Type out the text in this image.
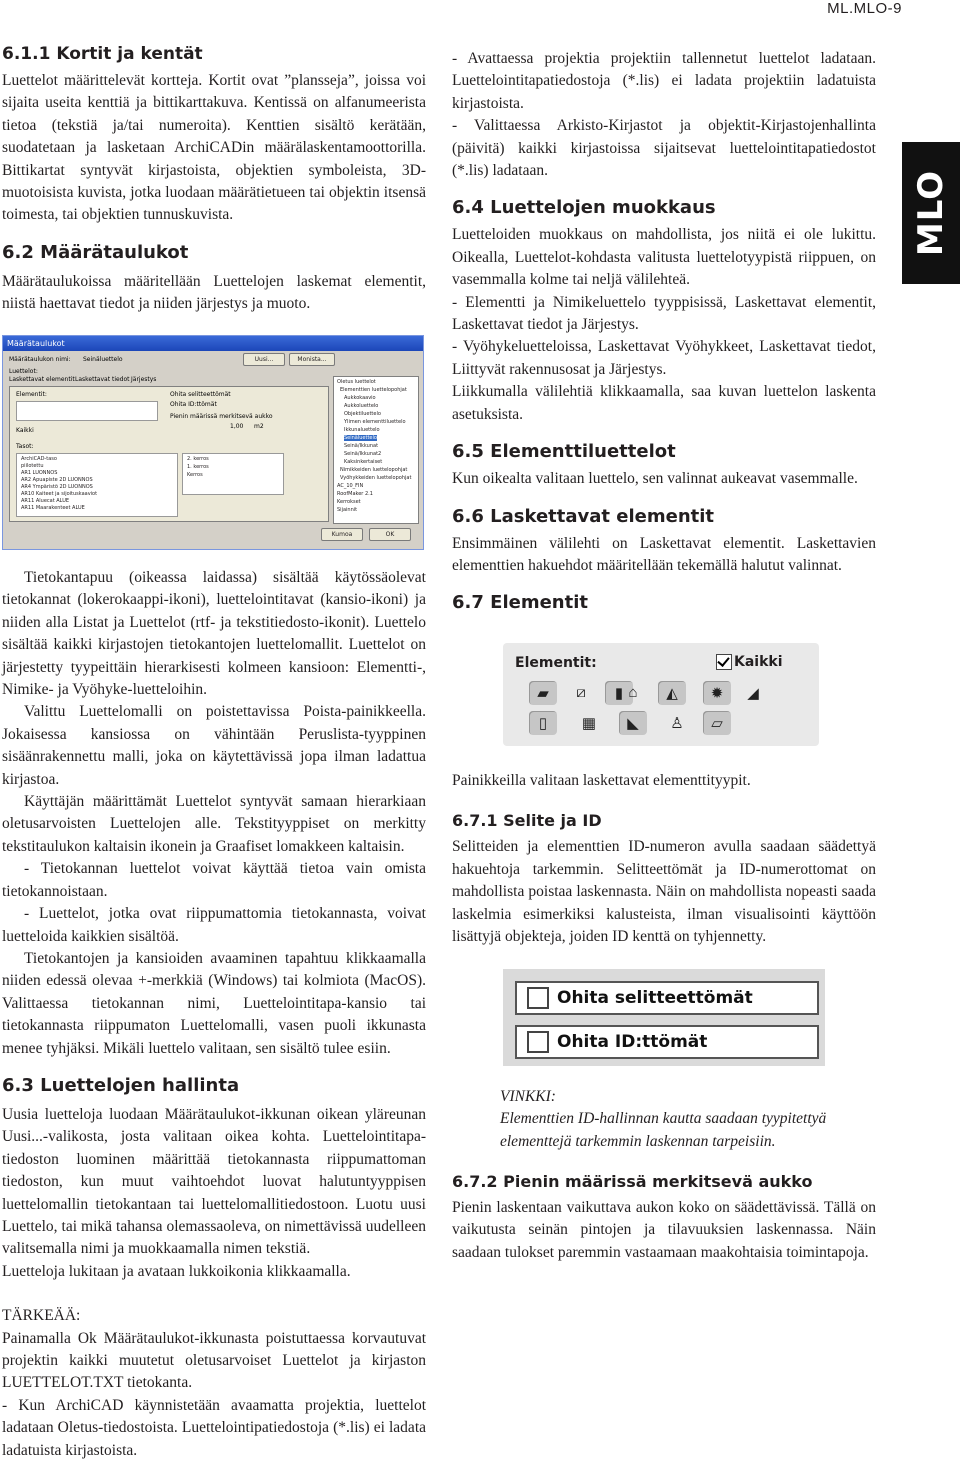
ML.MLO-9
MLO
6.1.1 Kortit ja kentät

Luettelot määrittelevät kortteja. Kortit ovat ”plansseja”, joissa voi sijaita useita kenttiä ja bittikarttakuva. Kentissä on alfanumeerista tietoa (tekstiä ja/tai numeroita). Kenttien sisältö kerätään, suodatetaan ja lasketaan ArchiCADin määrälaskentamoottorilla. Bittikartat syntyvät kirjastoista, objektien symboleista, 3D-muotoisista kuvista, jotka luodaan määrätietueen tai objektin itsensä toimesta, tai objektien tunnuskuvista.

6.2 Määrätaulukot

Määrätaulukoissa määritellään Luettelojen laskemat elementit, niistä haettavat tiedot ja niiden järjestys ja muoto.

Määrätaulukot
Määrätaulukon nimi: Seinäluettelo	Uusi...	Monista...
Luettelot:
Laskettavat elementit Laskettavat tiedot Järjestys
Elementit:
Kaikki
Tasot:
ArchiCAD-taso
piilotettu
AR1 LUONNOS
AR2 Apuapiste 2D LUONNOS
AR4 Ympäristö 2D LUONNOS
AR10 Kaiteet ja sijoituskaaviot
AR11 Aluecat ALUE
AR11 Maarakenteet ALUE
Ohita selitteettömät
Ohita ID:ttömät
Pienin määrissä merkitsevä aukko
1,00 m2
2. kerros
1. kerros
Kerros
Oletus luettelot
Elementtien luettelopohjat
Aukkokaavio
Aukkoluettelo
Objektiluettelo
Ylimen elementtiluettelo
Ikkunaluettelo
Seinäluettelo
Seinä/Ikkunat
Seinä/Ikkunat2
Kaksinkertaiset
Nimikkeiden luettelopohjat
Vyöhykkeiden luettelopohjat
AC_10_FIN
RoofMaker 2.1
Kerrokset
Sijainnit
Kumoa	OK

Tietokantapuu (oikeassa laidassa) sisältää käytössäolevat tietokannat (lokerokaappi-ikoni), luettelointitavat (kansio-ikoni) ja niiden alla Listat ja Luettelot (rtf- ja tekstitiedosto-ikonit). Luettelo sisältää kaikki kirjastojen tietokantojen luettelomallit. Luettelot on järjestetty tyypeittäin hierarkisesti kolmeen kansioon: Elementti-, Nimike- ja Vyöhyke-luetteloihin.

Valittu Luettelomalli on poistettavissa Poista-painikkeella. Jokaisessa kansiossa on vähintään Peruslista-tyyppinen sisäänrakennettu malli, joka on käytettävissä jopa ilman ladattua kirjastoa.

Käyttäjän määrittämät Luettelot syntyvät samaan hierarkiaan oletusarvoisten Luettelojen alle. Tekstityyppiset on merkitty tekstitaulukon kaltaisin ikonein ja Graafiset lomakkeen kaltaisin.

- Tietokannan luettelot voivat käyttää tietoa vain omista tietokannoistaan.

- Luettelot, jotka ovat riippumattomia tietokannasta, voivat luetteloida kaikkien sisältöä.

Tietokantojen ja kansioiden avaaminen tapahtuu klikkaamalla niiden edessä olevaa +-merkkiä (Windows) tai kolmiota (MacOS). Valittaessa tietokannan nimi, Luettelointitapa-kansio tai tietokannasta riippumaton Luettelomalli, vasen puoli ikkunasta menee tyhjäksi. Mikäli luettelo valitaan, sen sisältö tulee esiin.

6.3 Luettelojen hallinta

Uusia luetteloja luodaan Määrätaulukot-ikkunan oikean yläreunan Uusi...-valikosta, josta valitaan oikea kohta. Luettelointitapa-tiedoston luominen määrittää tietokannasta riippumattoman tiedoston, kun muut vaihtoehdot luovat halutuntyyppisen luettelomallin tietokantaan tai luettelomallitiedostoon. Luotu uusi Luettelo, tai mikä tahansa olemassaoleva, on nimettävissä uudelleen valitsemalla nimi ja muokkaamalla nimen tekstiä.

Luetteloja lukitaan ja avataan lukkoikonia klikkaamalla.

TÄRKEÄÄ:

Painamalla Ok Määrätaulukot-ikkunasta poistuttaessa korvautuvat projektin kaikki muutetut oletusarvoiset Luettelot ja kirjaston LUETTELOT.TXT tietokanta.

- Kun ArchiCAD käynnistetään avaamatta projektia, luettelot ladataan Oletus-tiedostoista. Luettelointipatiedostoja (*.lis) ei ladata ladatuista kirjastoista.

- Avattaessa projektia projektiin tallennetut luettelot ladataan. Luettelointitapatiedostoja (*.lis) ei ladata projektiin ladatuista kirjastoista.

- Valittaessa Arkisto-Kirjastot ja objektit-Kirjastojenhallinta (päivitä) kaikki kirjastoissa sijaitsevat luettelointitapatiedostot (*.lis) ladataan.

6.4 Luettelojen muokkaus

Luetteloiden muokkaus on mahdollista, jos niitä ei ole lukittu. Oikealla, Luettelot-kohdasta valitusta luettelotyypistä riippuen, on vasemmalla kolme tai neljä välilehteä.

- Elementti ja Nimikeluettelo tyyppisissä, Laskettavat elementit, Laskettavat tiedot ja Järjestys.

- Vyöhykeluetteloissa, Laskettavat Vyöhykkeet, Laskettavat tiedot, Liittyvät rakennusosat ja Järjestys.

Liikkumalla välilehtiä klikkaamalla, saa kuvan luettelon laskenta asetuksista.

6.5 Elementtiluettelot

Kun oikealta valitaan luettelo, sen valinnat aukeavat vasemmalle.

6.6 Laskettavat elementit

Ensimmäinen välilehti on Laskettavat elementit. Laskettavien elementtien hakuehdot määritellään tekemällä halutut valinnat.

6.7 Elementit
Elementit:	Kaikki
▰	⧄	▮ ⌂	◭	✹	◢
▯	▦	◣	♙	▱

Painikkeilla valitaan laskettavat elementtityypit.

6.7.1 Selite ja ID

Selitteiden ja elementtien ID-numeron avulla saadaan säädettyä hakuehtoja tarkemmin. Selitteettömät ja ID-numerottomat on mahdollista poistaa laskennasta. Näin on mahdollista nopeasti saada laskelmia esimerkiksi kalusteista, ilman visualisointi käyttöön lisättyjä objekteja, joiden ID kenttä on tyhjennetty.

Ohita selitteettömät
Ohita ID:ttömät

VINKKI:

Elementtien ID-hallinnan kautta saadaan tyypitettyä elementtejä tarkemmin laskennan tarpeisiin.

6.7.2 Pienin määrissä merkitsevä aukko

Pienin laskentaan vaikuttava aukon koko on säädettävissä. Tällä on vaikutusta seinän pintojen ja tilavuuksien laskennassa. Näin saadaan tulokset paremmin vastaamaan maakohtaisia toimintapoja.
